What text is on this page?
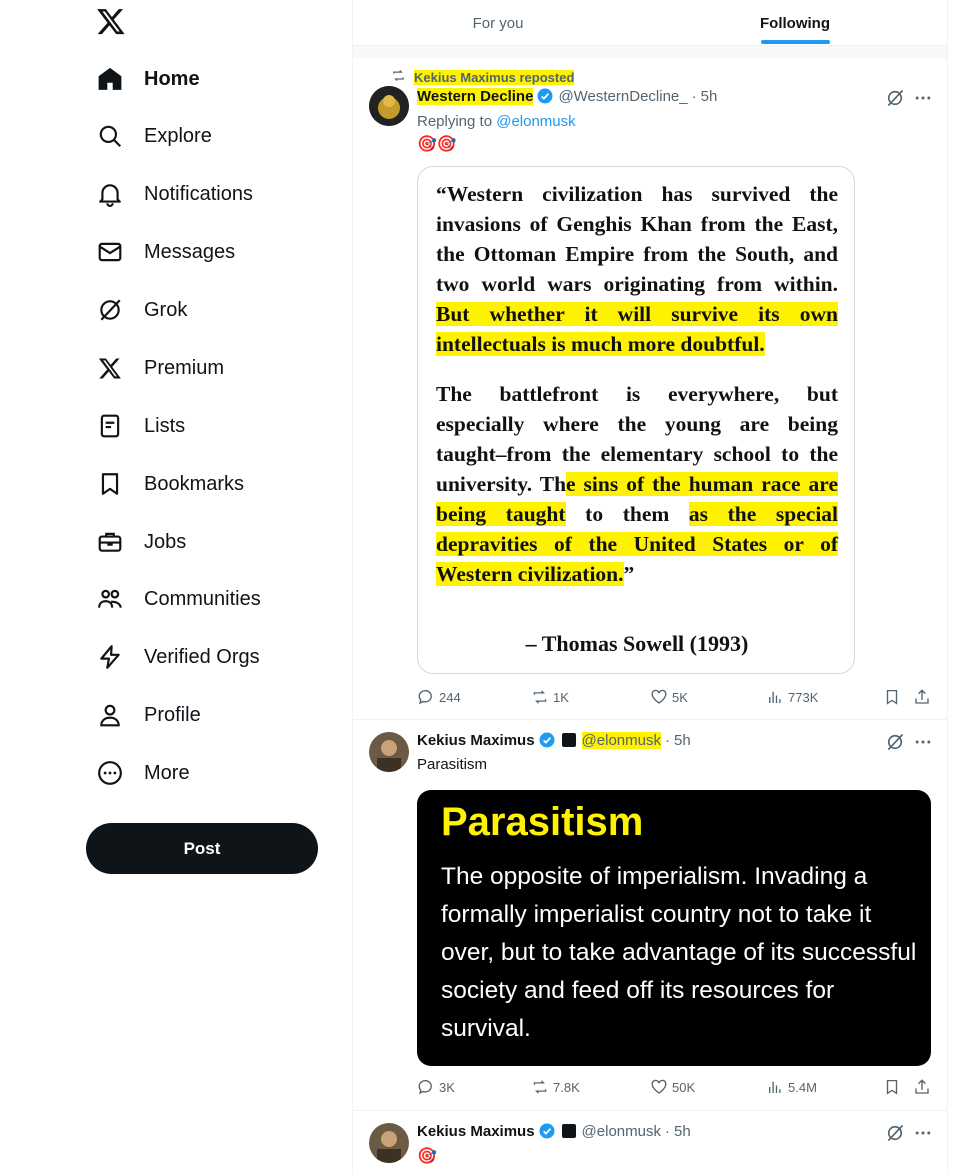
Home
Explore
Notifications
Messages
Grok
Premium
Lists
Bookmarks
Jobs
Communities
Verified Orgs
Profile
More
Post
For you	Following
Kekius Maximus reposted
Western Decline @WesternDecline_ · 5h
Replying to @elonmusk
🎯🎯

“Western civilization has survived the invasions of Genghis Khan from the East, the Ottoman Empire from the South, and two world wars originating from within. But whether it will survive its own intellectuals is much more doubtful.

The battlefront is everywhere, but especially where the young are being taught–from the elementary school to the university. The sins of the human race are being taught to them as the special depravities of the United States or of Western civilization.”

– Thomas Sowell (1993)
244	1K	5K	773K
Kekius Maximus	@elonmusk · 5h
Parasitism
Parasitism
The opposite of imperialism. Invading a formally imperialist country not to take it over, but to take advantage of its successful society and feed off its resources for survival.
3K	7.8K	50K	5.4M
Kekius Maximus	@elonmusk · 5h
🎯
